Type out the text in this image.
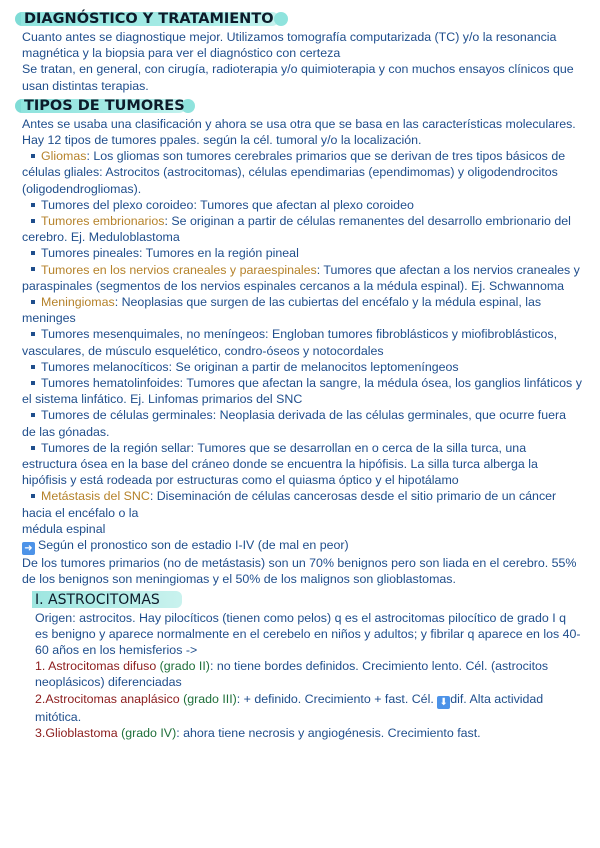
DIAGNÓSTICO Y TRATAMIENTO
Cuanto antes se diagnostique mejor. Utilizamos tomografía computarizada (TC) y/o la resonancia magnética y la biopsia para ver el diagnóstico con certeza
Se tratan, en general, con cirugía, radioterapia y/o quimioterapia y con muchos ensayos clínicos que usan distintas terapias.
TIPOS DE TUMORES
Antes se usaba una clasificación y ahora se usa otra que se basa en las características moleculares. Hay 12 tipos de tumores ppales. según la cél. tumoral y/o la localización.
Gliomas: Los gliomas son tumores cerebrales primarios que se derivan de tres tipos básicos de células gliales: Astrocitos (astrocitomas), células ependimarias (ependimomas) y oligodendrocitos (oligodendrogliomas).
Tumores del plexo coroideo: Tumores que afectan al plexo coroideo
Tumores embrionarios: Se originan a partir de células remanentes del desarrollo embrionario del cerebro. Ej. Meduloblastoma
Tumores pineales: Tumores en la región pineal
Tumores en los nervios craneales y paraespinales: Tumores que afectan a los nervios craneales y paraspinales (segmentos de los nervios espinales cercanos a la médula espinal). Ej. Schwannoma
Meningiomas: Neoplasias que surgen de las cubiertas del encéfalo y la médula espinal, las meninges
Tumores mesenquimales, no meníngeos: Engloban tumores fibroblásticos y miofibroblásticos, vasculares, de músculo esquelético, condro-óseos y notocordales
Tumores melanocíticos: Se originan a partir de melanocitos leptomeníngeos
Tumores hematolinfoides: Tumores que afectan la sangre, la médula ósea, los ganglios linfáticos y el sistema linfático. Ej. Linfomas primarios del SNC
Tumores de células germinales: Neoplasia derivada de las células germinales, que ocurre fuera de las gónadas.
Tumores de la región sellar: Tumores que se desarrollan en o cerca de la silla turca, una estructura ósea en la base del cráneo donde se encuentra la hipófisis. La silla turca alberga la hipófisis y está rodeada por estructuras como el quiasma óptico y el hipotálamo
Metástasis del SNC: Diseminación de células cancerosas desde el sitio primario de un cáncer hacia el encéfalo o la
médula espinal
➜ Según el pronostico son de estadio I-IV (de mal en peor)
De los tumores primarios (no de metástasis) son un 70% benignos pero son liada en el cerebro. 55% de los benignos son meningiomas y el 50% de los malignos son glioblastomas.
I. ASTROCITOMAS
Origen: astrocitos. Hay pilocíticos (tienen como pelos) q es el astrocitomas pilocítico de grado I q es benigno y aparece normalmente en el cerebelo en niños y adultos; y fibrilar q aparece en los 40-60 años en los hemisferios ->
1. Astrocitomas difuso (grado II): no tiene bordes definidos. Crecimiento lento. Cél. (astrocitos neoplásicos) diferenciadas
2.Astrocitomas anaplásico (grado III): + definido. Crecimiento + fast. Cél. ⬇ dif. Alta actividad mitótica.
3.Glioblastoma (grado IV): ahora tiene necrosis y angiogénesis. Crecimiento fast.
